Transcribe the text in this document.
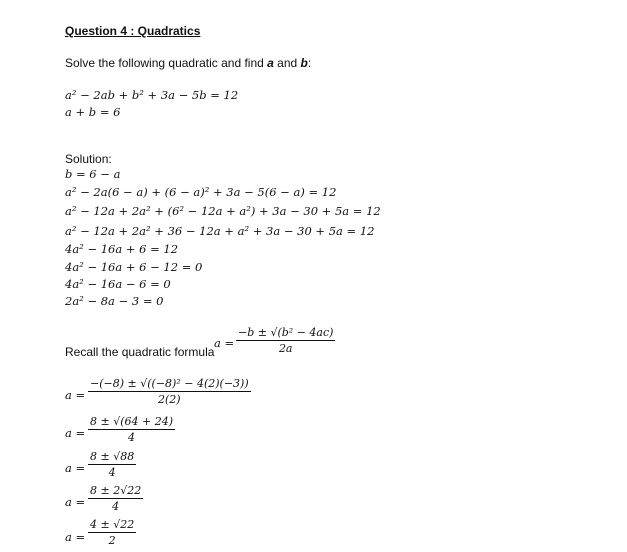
Question 4 : Quadratics
Solve the following quadratic and find a and b:
a² − 2ab + b² + 3a − 5b = 12
a + b = 6
Solution:
b = 6 − a
a² − 2a(6 − a) + (6 − a)² + 3a − 5(6 − a) = 12
a² − 12a + 2a² + (6² − 12a + a²) + 3a − 30 + 5a = 12
a² − 12a + 2a² + 36 − 12a + a² + 3a − 30 + 5a = 12
4a² − 16a + 6 = 12
4a² − 16a + 6 − 12 = 0
4a² − 16a − 6 = 0
2a² − 8a − 3 = 0
Recall the quadratic formula
$a = \frac{\text{−b ± √(b² − 4ac)}}{2a}$
$a = \frac{\text{−(−8) ± √((−8)² − 4(2)(−3))}}{2(2)}$
$a = \frac{8 \pm √(64 + 24)}{4}$
$a = \frac{8 \pm √88}{4}$
$a = \frac{8 \pm 2√22}{4}$
$a = \frac{4 \pm √22}{2}$
